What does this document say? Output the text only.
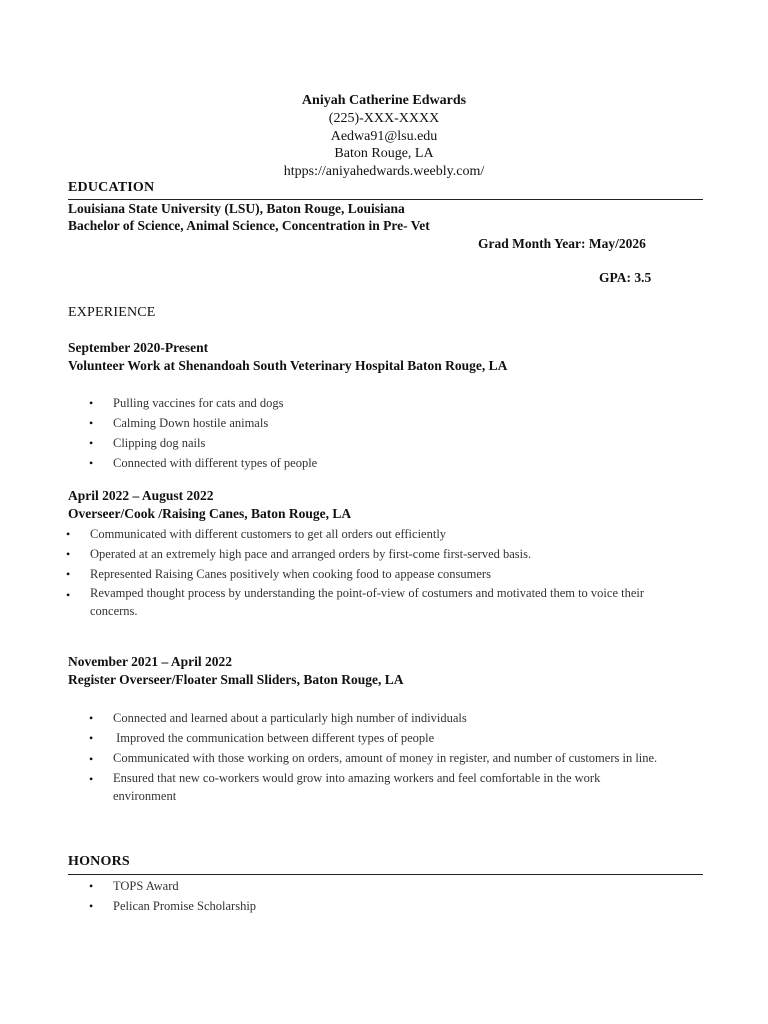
Aniyah Catherine Edwards
(225)-XXX-XXXX
Aedwa91@lsu.edu
Baton Rouge, LA
htpps://aniyahedwards.weebly.com/
EDUCATION
Louisiana State University (LSU), Baton Rouge, Louisiana
Bachelor of Science, Animal Science, Concentration in Pre- Vet
Grad Month Year: May/2026
GPA: 3.5
EXPERIENCE
September 2020-Present
Volunteer Work at Shenandoah South Veterinary Hospital Baton Rouge, LA
•	Pulling vaccines for cats and dogs
•	Calming Down hostile animals
•	Clipping dog nails
•	Connected with different types of people
April 2022 – August 2022
Overseer/Cook /Raising Canes, Baton Rouge, LA
•	Communicated with different customers to get all orders out efficiently
•	Operated at an extremely high pace and arranged orders by first-come first-served basis.
•	Represented Raising Canes positively when cooking food to appease consumers
•	Revamped thought process by understanding the point-of-view of costumers and motivated them to voice their concerns.
November 2021 – April 2022
Register Overseer/Floater Small Sliders, Baton Rouge, LA
•	Connected and learned about a particularly high number of individuals
•	Improved the communication between different types of people
•	Communicated with those working on orders, amount of money in register, and number of customers in line.
•	Ensured that new co-workers would grow into amazing workers and feel comfortable in the work environment
HONORS
•	TOPS Award
•	Pelican Promise Scholarship
